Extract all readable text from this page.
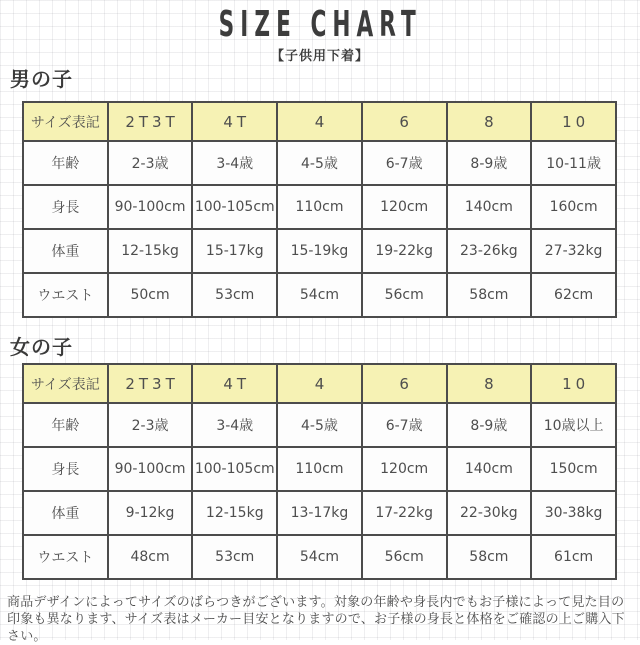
SIZE CHART
【子供用下着】
男の子
サイズ表記	2T3T	4T	4	6	8	10
年齢	2-3歳	3-4歳	4-5歳	6-7歳	8-9歳	10-11歳
身長	90-100cm	100-105cm	110cm	120cm	140cm	160cm
体重	12-15kg	15-17kg	15-19kg	19-22kg	23-26kg	27-32kg
ウエスト	50cm	53cm	54cm	56cm	58cm	62cm
女の子
サイズ表記	2T3T	4T	4	6	8	10
年齢	2-3歳	3-4歳	4-5歳	6-7歳	8-9歳	10歳以上
身長	90-100cm	100-105cm	110cm	120cm	140cm	150cm
体重	9-12kg	12-15kg	13-17kg	17-22kg	22-30kg	30-38kg
ウエスト	48cm	53cm	54cm	56cm	58cm	61cm
商品デザインによってサイズのばらつきがございます。対象の年齢や身長内でもお子様によって見た目の印象も異なります、サイズ表はメーカー目安となりますので、お子様の身長と体格をご確認の上ご購入下さい。
